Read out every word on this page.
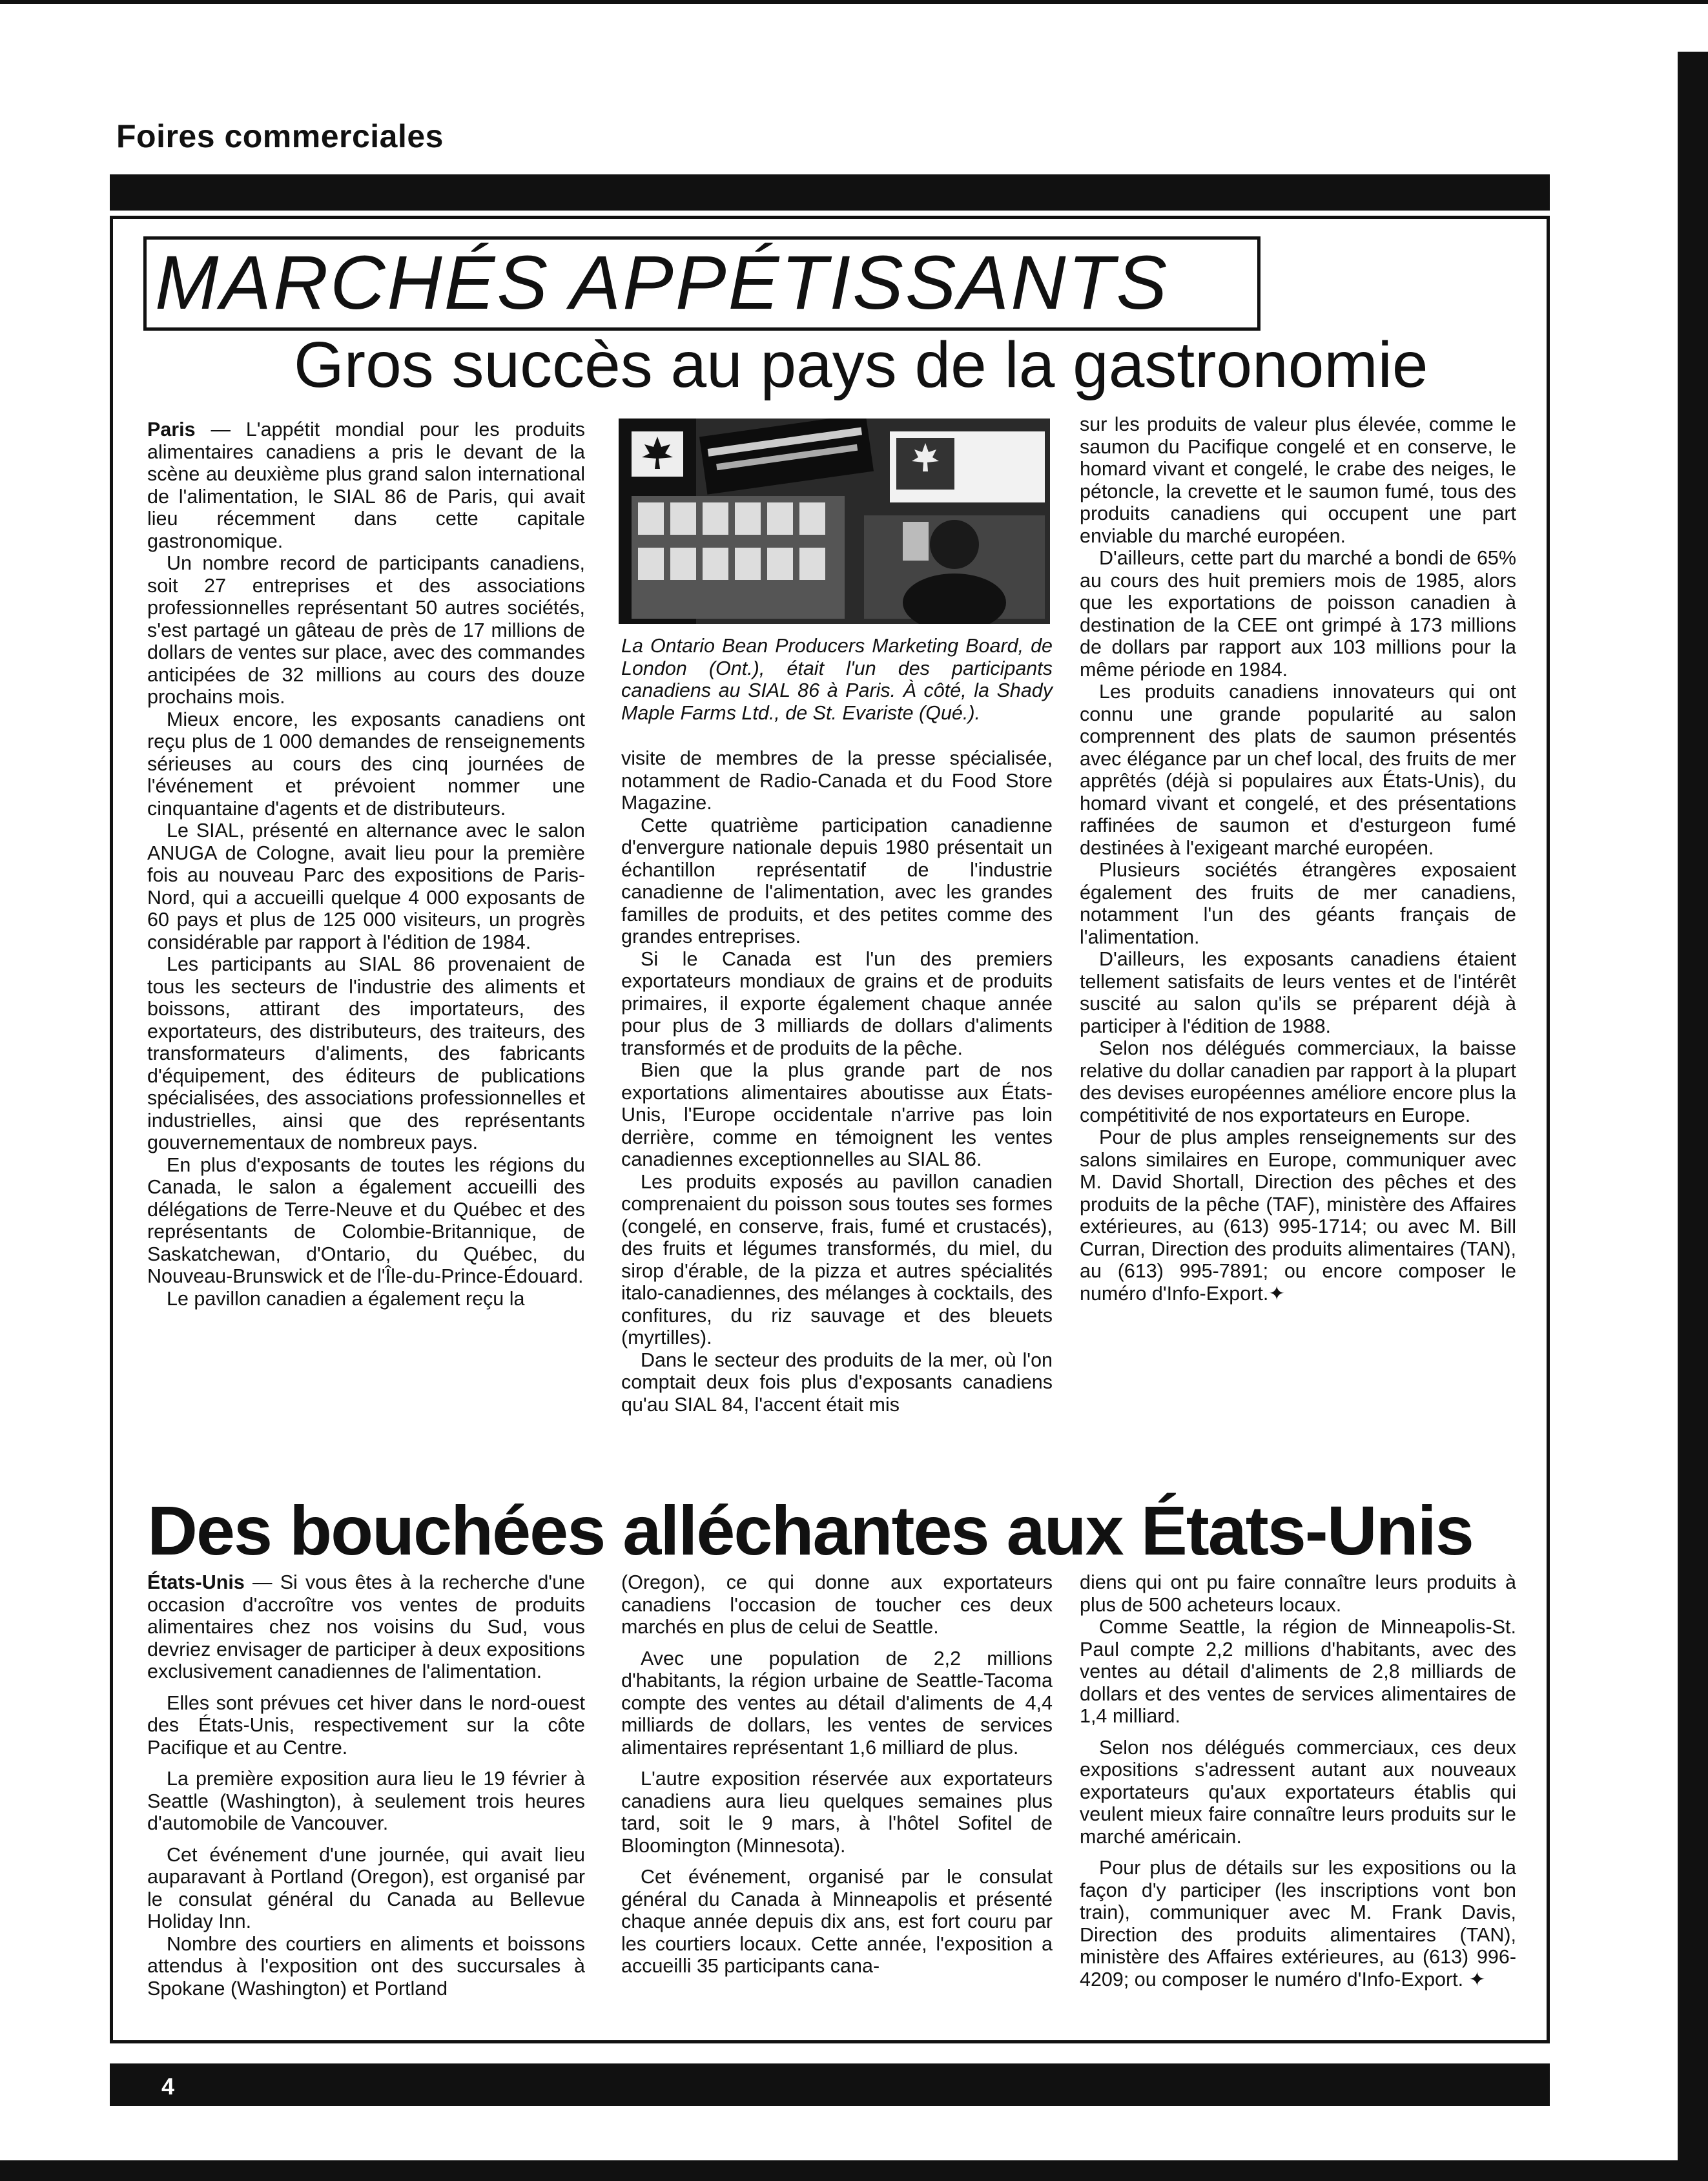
Foires commerciales
MARCHÉS APPÉTISSANTS
Gros succès au pays de la gastronomie

Paris — L'appétit mondial pour les produits alimentaires canadiens a pris le devant de la scène au deuxième plus grand salon international de l'alimentation, le SIAL 86 de Paris, qui avait lieu récemment dans cette capitale gastronomique.

Un nombre record de participants canadiens, soit 27 entreprises et des associations professionnelles représentant 50 autres sociétés, s'est partagé un gâteau de près de 17 millions de dollars de ventes sur place, avec des commandes anticipées de 32 millions au cours des douze prochains mois.

Mieux encore, les exposants canadiens ont reçu plus de 1 000 demandes de renseignements sérieuses au cours des cinq journées de l'événement et prévoient nommer une cinquantaine d'agents et de distributeurs.

Le SIAL, présenté en alternance avec le salon ANUGA de Cologne, avait lieu pour la première fois au nouveau Parc des expositions de Paris-Nord, qui a accueilli quelque 4 000 exposants de 60 pays et plus de 125 000 visiteurs, un progrès considérable par rapport à l'édition de 1984.

Les participants au SIAL 86 provenaient de tous les secteurs de l'industrie des aliments et boissons, attirant des importateurs, des exportateurs, des distributeurs, des traiteurs, des transformateurs d'aliments, des fabricants d'équipement, des éditeurs de publications spécialisées, des associations professionnelles et industrielles, ainsi que des représentants gouvernementaux de nombreux pays.

En plus d'exposants de toutes les régions du Canada, le salon a également accueilli des délégations de Terre-Neuve et du Québec et des représentants de Colombie-Britannique, de Saskatchewan, d'Ontario, du Québec, du Nouveau-Brunswick et de l'Île-du-Prince-Édouard.

Le pavillon canadien a également reçu la

La Ontario Bean Producers Marketing Board, de London (Ont.), était l'un des participants canadiens au SIAL 86 à Paris. À côté, la Shady Maple Farms Ltd., de St. Evariste (Qué.).

visite de membres de la presse spécialisée, notamment de Radio-Canada et du Food Store Magazine.

Cette quatrième participation canadienne d'envergure nationale depuis 1980 présentait un échantillon représentatif de l'industrie canadienne de l'alimentation, avec les grandes familles de produits, et des petites comme des grandes entreprises.

Si le Canada est l'un des premiers exportateurs mondiaux de grains et de produits primaires, il exporte également chaque année pour plus de 3 milliards de dollars d'aliments transformés et de produits de la pêche.

Bien que la plus grande part de nos exportations alimentaires aboutisse aux États-Unis, l'Europe occidentale n'arrive pas loin derrière, comme en témoignent les ventes canadiennes exceptionnelles au SIAL 86.

Les produits exposés au pavillon canadien comprenaient du poisson sous toutes ses formes (congelé, en conserve, frais, fumé et crustacés), des fruits et légumes transformés, du miel, du sirop d'érable, de la pizza et autres spécialités italo-canadiennes, des mélanges à cocktails, des confitures, du riz sauvage et des bleuets (myrtilles).

Dans le secteur des produits de la mer, où l'on comptait deux fois plus d'exposants canadiens qu'au SIAL 84, l'accent était mis

sur les produits de valeur plus élevée, comme le saumon du Pacifique congelé et en conserve, le homard vivant et congelé, le crabe des neiges, le pétoncle, la crevette et le saumon fumé, tous des produits canadiens qui occupent une part enviable du marché européen.

D'ailleurs, cette part du marché a bondi de 65% au cours des huit premiers mois de 1985, alors que les exportations de poisson canadien à destination de la CEE ont grimpé à 173 millions de dollars par rapport aux 103 millions pour la même période en 1984.

Les produits canadiens innovateurs qui ont connu une grande popularité au salon comprennent des plats de saumon présentés avec élégance par un chef local, des fruits de mer apprêtés (déjà si populaires aux États-Unis), du homard vivant et congelé, et des présentations raffinées de saumon et d'esturgeon fumé destinées à l'exigeant marché européen.

Plusieurs sociétés étrangères exposaient également des fruits de mer canadiens, notamment l'un des géants français de l'alimentation.

D'ailleurs, les exposants canadiens étaient tellement satisfaits de leurs ventes et de l'intérêt suscité au salon qu'ils se préparent déjà à participer à l'édition de 1988.

Selon nos délégués commerciaux, la baisse relative du dollar canadien par rapport à la plupart des devises européennes améliore encore plus la compétitivité de nos exportateurs en Europe.

Pour de plus amples renseignements sur des salons similaires en Europe, communiquer avec M. David Shortall, Direction des pêches et des produits de la pêche (TAF), ministère des Affaires extérieures, au (613) 995-1714; ou avec M. Bill Curran, Direction des produits alimentaires (TAN), au (613) 995-7891; ou encore composer le numéro d'Info-Export.✦

Des bouchées alléchantes aux États-Unis

États-Unis — Si vous êtes à la recherche d'une occasion d'accroître vos ventes de produits alimentaires chez nos voisins du Sud, vous devriez envisager de participer à deux expositions exclusivement canadiennes de l'alimentation.

Elles sont prévues cet hiver dans le nord-ouest des États-Unis, respectivement sur la côte Pacifique et au Centre.

La première exposition aura lieu le 19 février à Seattle (Washington), à seulement trois heures d'automobile de Vancouver.

Cet événement d'une journée, qui avait lieu auparavant à Portland (Oregon), est organisé par le consulat général du Canada au Bellevue Holiday Inn.

Nombre des courtiers en aliments et boissons attendus à l'exposition ont des succursales à Spokane (Washington) et Portland

(Oregon), ce qui donne aux exportateurs canadiens l'occasion de toucher ces deux marchés en plus de celui de Seattle.

Avec une population de 2,2 millions d'habitants, la région urbaine de Seattle-Tacoma compte des ventes au détail d'aliments de 4,4 milliards de dollars, les ventes de services alimentaires représentant 1,6 milliard de plus.

L'autre exposition réservée aux exportateurs canadiens aura lieu quelques semaines plus tard, soit le 9 mars, à l'hôtel Sofitel de Bloomington (Minnesota).

Cet événement, organisé par le consulat général du Canada à Minneapolis et présenté chaque année depuis dix ans, est fort couru par les courtiers locaux. Cette année, l'exposition a accueilli 35 participants cana-

diens qui ont pu faire connaître leurs produits à plus de 500 acheteurs locaux.

Comme Seattle, la région de Minneapolis-St. Paul compte 2,2 millions d'habitants, avec des ventes au détail d'aliments de 2,8 milliards de dollars et des ventes de services alimentaires de 1,4 milliard.

Selon nos délégués commerciaux, ces deux expositions s'adressent autant aux nouveaux exportateurs qu'aux exportateurs établis qui veulent mieux faire connaître leurs produits sur le marché américain.

Pour plus de détails sur les expositions ou la façon d'y participer (les inscriptions vont bon train), communiquer avec M. Frank Davis, Direction des produits alimentaires (TAN), ministère des Affaires extérieures, au (613) 996-4209; ou composer le numéro d'Info-Export. ✦

4
